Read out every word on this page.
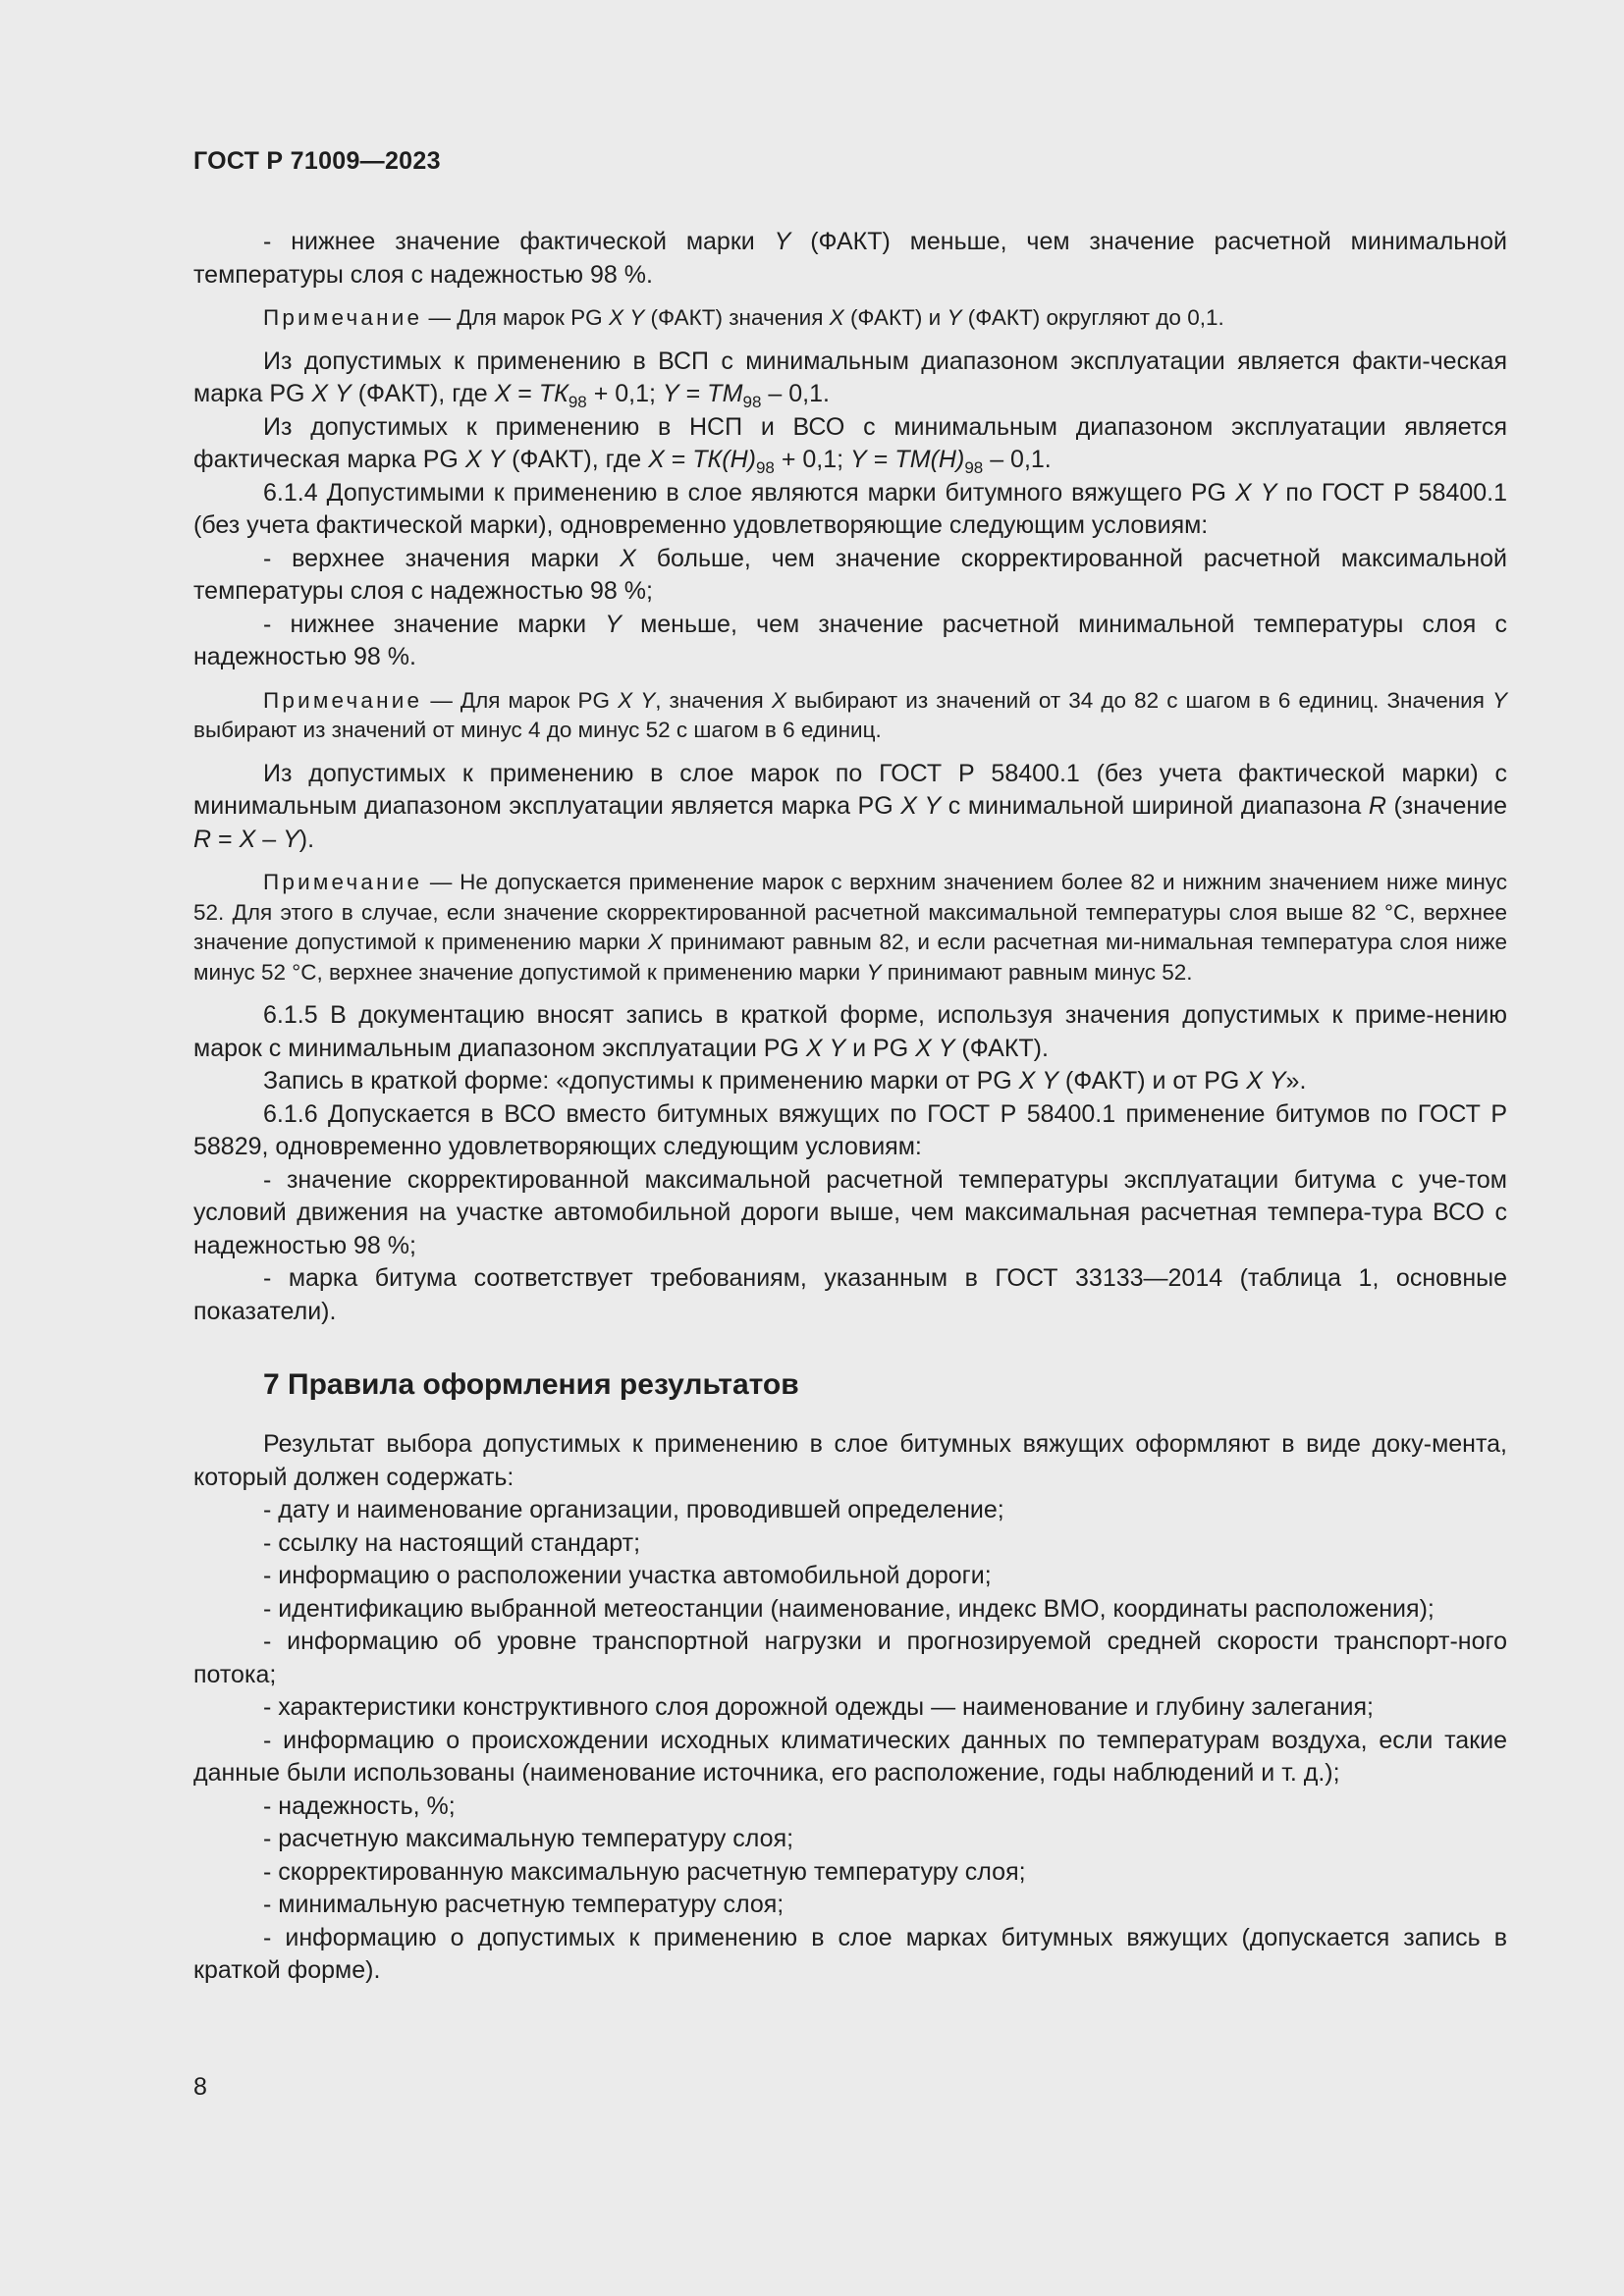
ГОСТ Р 71009—2023

- нижнее значение фактической марки Y (ФАКТ) меньше, чем значение расчетной минимальной температуры слоя с надежностью 98 %.

Примечание — Для марок PG X Y (ФАКТ) значения X (ФАКТ) и Y (ФАКТ) округляют до 0,1.

Из допустимых к применению в ВСП с минимальным диапазоном эксплуатации является факти-ческая марка PG X Y (ФАКТ), где $X = ТК_{98} + 0,1$; $Y = ТМ_{98} - 0,1$.

Из допустимых к применению в НСП и ВСО с минимальным диапазоном эксплуатации является фактическая марка PG X Y (ФАКТ), где $X = ТК(Н)_{98} + 0,1$; $Y = ТМ(Н)_{98} - 0,1$.

6.1.4 Допустимыми к применению в слое являются марки битумного вяжущего PG X Y по ГОСТ Р 58400.1 (без учета фактической марки), одновременно удовлетворяющие следующим условиям:

- верхнее значения марки X больше, чем значение скорректированной расчетной максимальной температуры слоя с надежностью 98 %;

- нижнее значение марки Y меньше, чем значение расчетной минимальной температуры слоя с надежностью 98 %.

Примечание — Для марок PG X Y, значения X выбирают из значений от 34 до 82 с шагом в 6 единиц. Значения Y выбирают из значений от минус 4 до минус 52 с шагом в 6 единиц.

Из допустимых к применению в слое марок по ГОСТ Р 58400.1 (без учета фактической марки) с минимальным диапазоном эксплуатации является марка PG X Y с минимальной шириной диапазона R (значение R = X – Y).

Примечание — Не допускается применение марок с верхним значением более 82 и нижним значением ниже минус 52. Для этого в случае, если значение скорректированной расчетной максимальной температуры слоя выше 82 °С, верхнее значение допустимой к применению марки X принимают равным 82, и если расчетная ми-нимальная температура слоя ниже минус 52 °С, верхнее значение допустимой к применению марки Y принимают равным минус 52.

6.1.5 В документацию вносят запись в краткой форме, используя значения допустимых к приме-нению марок с минимальным диапазоном эксплуатации PG X Y и PG X Y (ФАКТ).

Запись в краткой форме: «допустимы к применению марки от PG X Y (ФАКТ) и от PG X Y».

6.1.6 Допускается в ВСО вместо битумных вяжущих по ГОСТ Р 58400.1 применение битумов по ГОСТ Р 58829, одновременно удовлетворяющих следующим условиям:

- значение скорректированной максимальной расчетной температуры эксплуатации битума с уче-том условий движения на участке автомобильной дороги выше, чем максимальная расчетная темпера-тура ВСО с надежностью 98 %;

- марка битума соответствует требованиям, указанным в ГОСТ 33133—2014 (таблица 1, основные показатели).

7 Правила оформления результатов

Результат выбора допустимых к применению в слое битумных вяжущих оформляют в виде доку-мента, который должен содержать:

- дату и наименование организации, проводившей определение;

- ссылку на настоящий стандарт;

- информацию о расположении участка автомобильной дороги;

- идентификацию выбранной метеостанции (наименование, индекс ВМО, координаты расположения);

- информацию об уровне транспортной нагрузки и прогнозируемой средней скорости транспорт-ного потока;

- характеристики конструктивного слоя дорожной одежды — наименование и глубину залегания;

- информацию о происхождении исходных климатических данных по температурам воздуха, если такие данные были использованы (наименование источника, его расположение, годы наблюдений и т. д.);

- надежность, %;

- расчетную максимальную температуру слоя;

- скорректированную максимальную расчетную температуру слоя;

- минимальную расчетную температуру слоя;

- информацию о допустимых к применению в слое марках битумных вяжущих (допускается запись в краткой форме).

8
